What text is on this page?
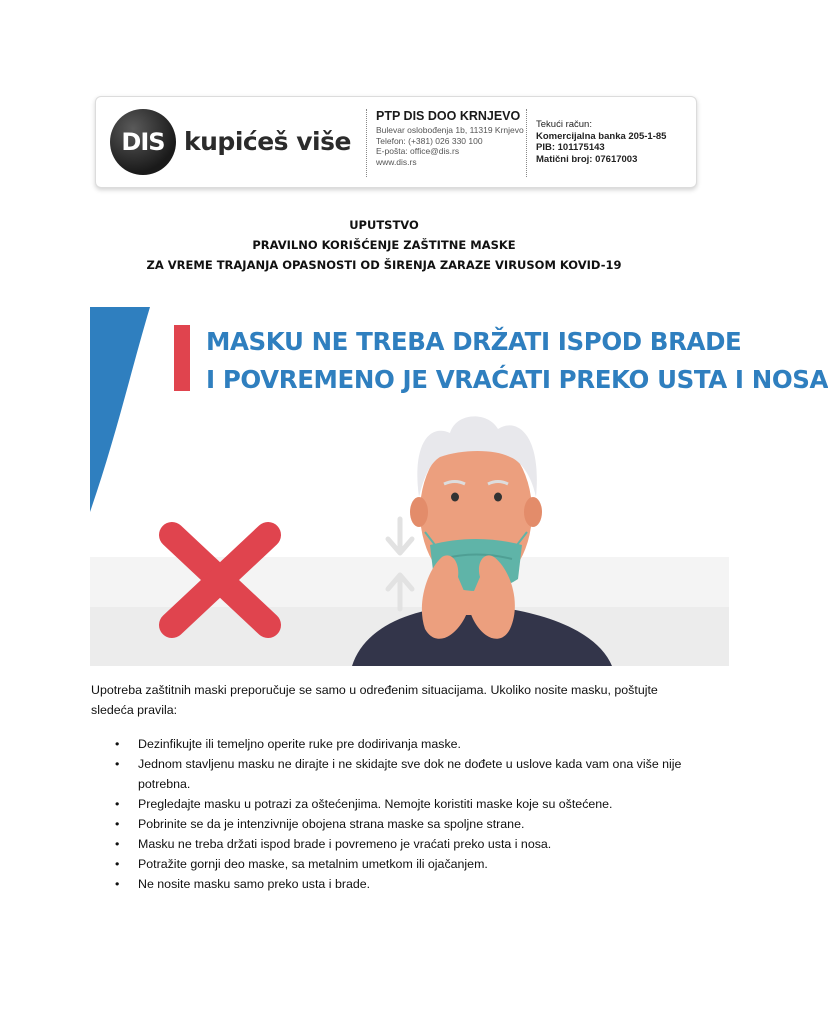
DIS kupićeš više
PTP DIS DOO KRNJEVO
Bulevar oslobođenja 1b, 11319 Krnjevo
Telefon: (+381) 026 330 100
E-pošta: office@dis.rs
www.dis.rs
Tekući račun:
Komercijalna banka 205-1-85
PIB: 101175143
Matični broj: 07617003
UPUTSTVO
PRAVILNO KORIŠĆENJE ZAŠTITNE MASKE
ZA VREME TRAJANJA OPASNOSTI OD ŠIRENJA ZARAZE VIRUSOM KOVID-19
MASKU NE TREBA DRŽATI ISPOD BRADE
I POVREMENO JE VRAĆATI PREKO USTA I NOSA

Upotreba zaštitnih maski preporučuje se samo u određenim situacijama. Ukoliko nosite masku, poštujte sledeća pravila:

• Dezinfikujte ili temeljno operite ruke pre dodirivanja maske.
• Jednom stavljenu masku ne dirajte i ne skidajte sve dok ne dođete u uslove kada vam ona više nije potrebna.
• Pregledajte masku u potrazi za oštećenjima. Nemojte koristiti maske koje su oštećene.
• Pobrinite se da je intenzivnije obojena strana maske sa spoljne strane.
• Masku ne treba držati ispod brade i povremeno je vraćati preko usta i nosa.
• Potražite gornji deo maske, sa metalnim umetkom ili ojačanjem.
• Ne nosite masku samo preko usta i brade.
